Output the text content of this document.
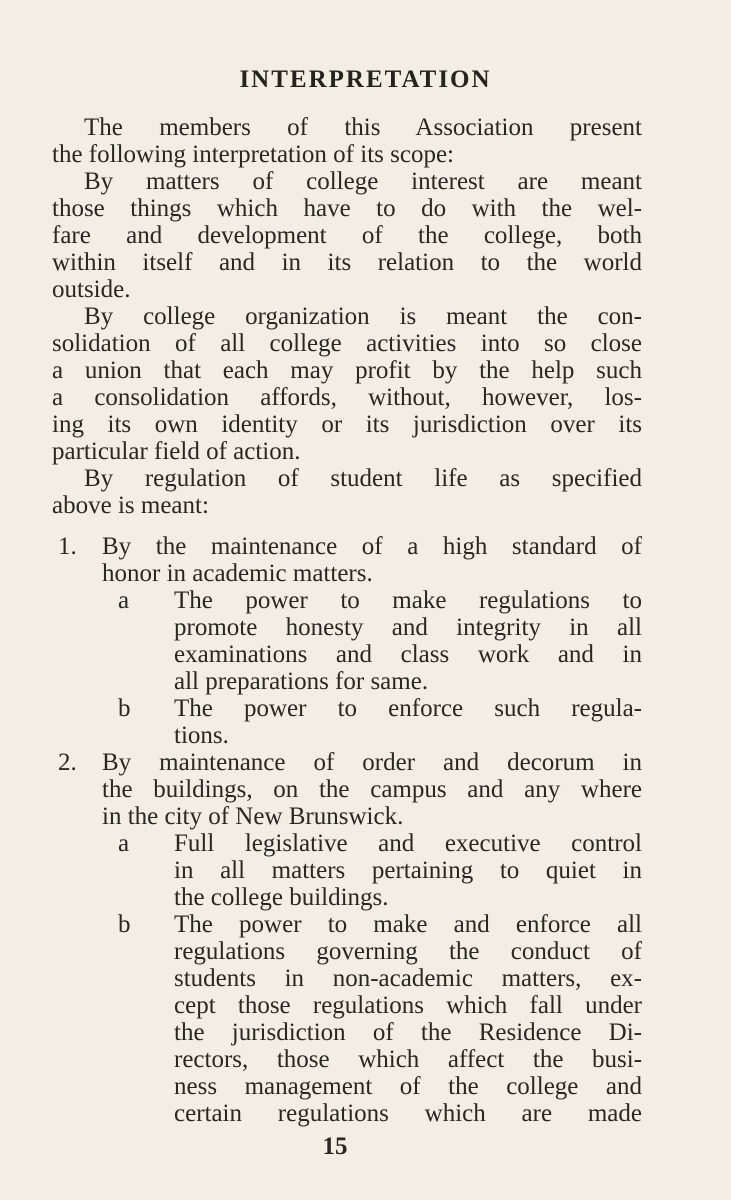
INTERPRETATION
The members of this Association present
the following interpretation of its scope:
By matters of college interest are meant
those things which have to do with the wel-
fare and development of the college, both
within itself and in its relation to the world
outside.
By college organization is meant the con-
solidation of all college activities into so close
a union that each may profit by the help such
a consolidation affords, without, however, los-
ing its own identity or its jurisdiction over its
particular field of action.
By regulation of student life as specified
above is meant:
1. By the maintenance of a high standard of
honor in academic matters.
a The power to make regulations to
promote honesty and integrity in all
examinations and class work and in
all preparations for same.
b The power to enforce such regula-
tions.
2. By maintenance of order and decorum in
the buildings, on the campus and any where
in the city of New Brunswick.
a Full legislative and executive control
in all matters pertaining to quiet in
the college buildings.
b The power to make and enforce all
regulations governing the conduct of
students in non-academic matters, ex-
cept those regulations which fall under
the jurisdiction of the Residence Di-
rectors, those which affect the busi-
ness management of the college and
certain regulations which are made
15
